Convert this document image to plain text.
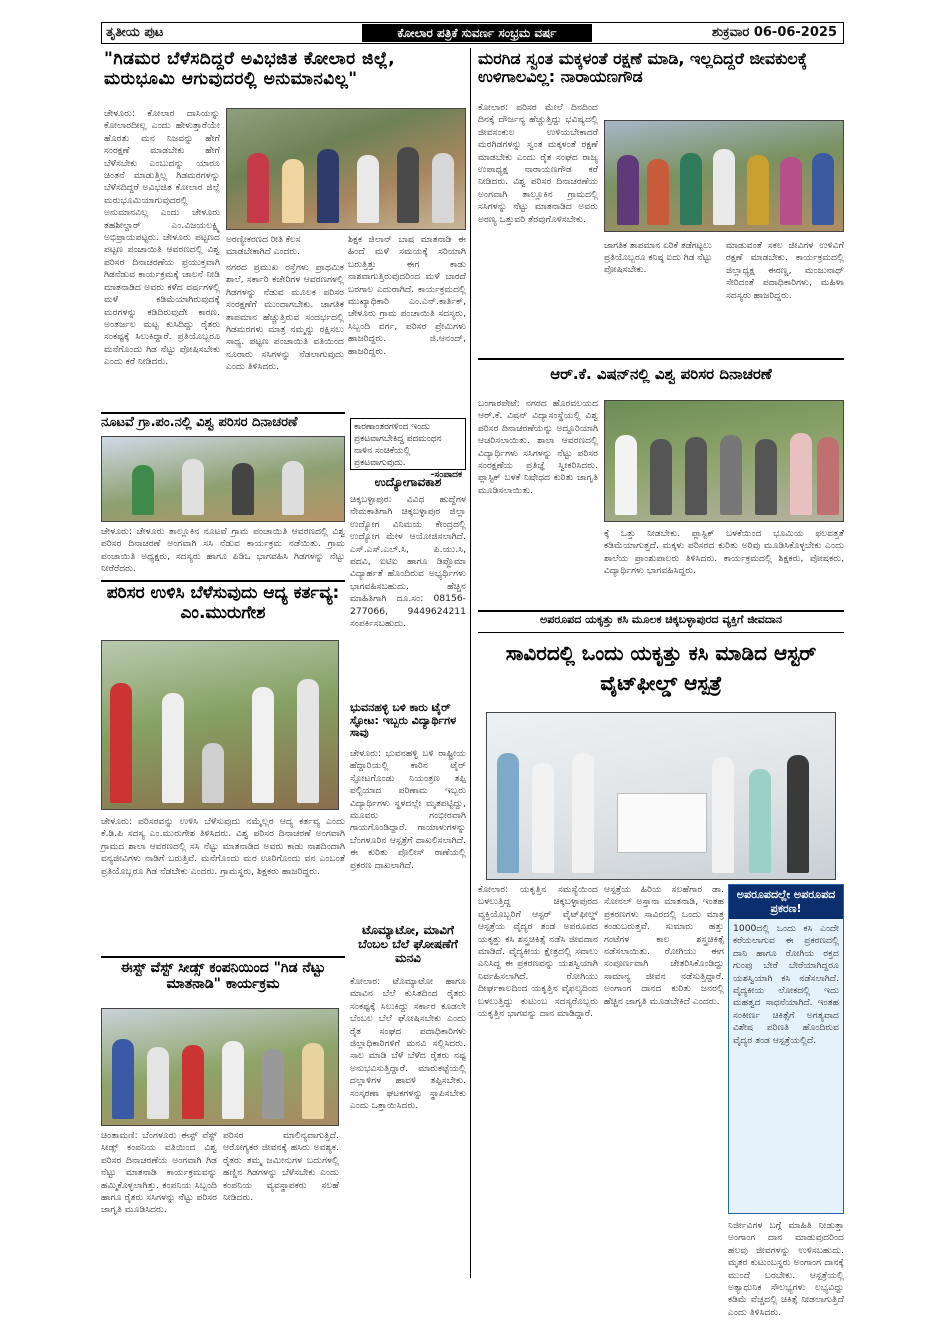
ತೃತೀಯ ಪುಟ	ಕೋಲಾರ ಪತ್ರಿಕೆ ಸುವರ್ಣ ಸಂಭ್ರಮ ವರ್ಷ	ಶುಕ್ರವಾರ 06-06-2025
"ಗಿಡಮರ ಬೆಳೆಸದಿದ್ದರೆ ಅವಿಭಜಿತ ಕೋಲಾರ ಜಿಲ್ಲೆ, ಮರುಭೂಮಿ ಆಗುವುದರಲ್ಲಿ ಅನುಮಾನವಿಲ್ಲ"
ಚೇಳೂರು: ಕೋಲಾರ ದಾಸಿಯನ್ನು ಕೋಲಾರದೀಲ್ಲ ಎಂದು ಹೇಳುತ್ತಾರೆಯೇ ಹೊರತು ಮನ ನಿಜವನ್ನು ಹೇಗೆ ಸಂರಕ್ಷಣೆ ಮಾಡಬೇಕು ಹೇಗೆ ಬೆಳೆಸಬೇಕು ಎಂಬುದನ್ನು ಯಾರೂ ಚಿಂತನೆ ಮಾಡುತ್ತಿಲ್ಲ ಗಿಡಮರಗಳನ್ನು ಬೆಳೆಸದಿದ್ದರೆ ಅವಿಭಜಿತ ಕೋಲಾರ ಜಿಲ್ಲೆ ಮರುಭೂಮಿಯಾಗುವುದರಲ್ಲಿ ಅನುಮಾನವಿಲ್ಲ ಎಂದು ಚೇಳೂರು ತಹಶೀಲ್ದಾರ್ ಎಂ.ವಿಜಯಲಕ್ಷ್ಮಿ ಅಭಿಪ್ರಾಯಪಟ್ಟರು. ಚೇಳೂರು ಪಟ್ಟಣದ ಪಟ್ಟಣ ಪಂಚಾಯಿತಿ ಆವರಣದಲ್ಲಿ ವಿಶ್ವ ಪರಿಸರ ದಿನಾಚರಣೆಯ ಪ್ರಯುಕ್ತವಾಗಿ ಗಿಡನೆಡುವ ಕಾರ್ಯಕ್ರಮಕ್ಕೆ ಚಾಲನೆ ನೀಡಿ ಮಾತನಾಡಿದ ಅವರು ಕಳೆದ ವರ್ಷಗಳಲ್ಲಿ ಮಳೆ ಕಡಿಮೆಯಾಗಿರುವುದಕ್ಕೆ ಮರಗಳನ್ನು ಕಡಿದಿರುವುದೇ ಕಾರಣ. ಅಂತರ್ಜಲ ಮಟ್ಟ ಕುಸಿದಿದ್ದು ರೈತರು ಸಂಕಷ್ಟಕ್ಕೆ ಸಿಲುಕಿದ್ದಾರೆ. ಪ್ರತಿಯೊಬ್ಬರೂ ಮನೆಗೊಂದು ಗಿಡ ನೆಟ್ಟು ಪೋಷಿಸಬೇಕು ಎಂದು ಕರೆ ನೀಡಿದರು.
ಅರಣ್ಯೀಕರಣದ ರೀತಿ ಕೆಲಸ ಮಾಡಬೇಕಾಗಿದೆ ಎಂದರು.
ನಗರದ ಪ್ರಮುಖ ರಸ್ತೆಗಳು ಪ್ರಾಥಮಿಕ ಶಾಲೆ, ಸರ್ಕಾರಿ ಕಚೇರಿಗಳ ಆವರಣಗಳಲ್ಲಿ ಗಿಡಗಳನ್ನು ನೆಡುವ ಮೂಲಕ ಪರಿಸರ ಸಂರಕ್ಷಣೆಗೆ ಮುಂದಾಗಬೇಕು. ಜಾಗತಿಕ ತಾಪಮಾನ ಹೆಚ್ಚುತ್ತಿರುವ ಸಂದರ್ಭದಲ್ಲಿ ಗಿಡಮರಗಳು ಮಾತ್ರ ನಮ್ಮನ್ನು ರಕ್ಷಿಸಲು ಸಾಧ್ಯ. ಪಟ್ಟಣ ಪಂಚಾಯಿತಿ ವತಿಯಿಂದ ನೂರಾರು ಸಸಿಗಳನ್ನು ನೆಡಲಾಗುವುದು ಎಂದು ತಿಳಿಸಿದರು.
ಶಿಕ್ಷಕ ಜಿಲಾನ್ ಬಾಷ ಮಾತನಾಡಿ ಈ ಹಿಂದೆ ಮಳೆ ಸಮಯಕ್ಕೆ ಸರಿಯಾಗಿ ಬರುತ್ತಿತ್ತು ಈಗ ಕಾಡು ನಾಶವಾಗುತ್ತಿರುವುದರಿಂದ ಮಳೆ ಬಾರದೆ ಬರಗಾಲ ಎದುರಾಗಿದೆ. ಕಾರ್ಯಕ್ರಮದಲ್ಲಿ ಮುಖ್ಯಾಧಿಕಾರಿ ಎಂ.ಎನ್.ಕಾರ್ತಿಕ್, ಚೇಳೂರು ಗ್ರಾಮ ಪಂಚಾಯಿತಿ ಸದಸ್ಯರು, ಸಿಬ್ಬಂದಿ ವರ್ಗ, ಪರಿಸರ ಪ್ರೇಮಿಗಳು ಹಾಜರಿದ್ದರು. ಜಿ.ಆನಂದ್, ಹಾಜರಿದ್ದರು.
ಮರಗಿಡ ಸ್ವಂತ ಮಕ್ಕಳಂತೆ ರಕ್ಷಣೆ ಮಾಡಿ, ಇಲ್ಲದಿದ್ದರೆ ಜೀವಕುಲಕ್ಕೆ ಉಳಿಗಾಲವಿಲ್ಲ: ನಾರಾಯಣಗೌಡ
ಕೋಲಾರ: ಪರಿಸರ ಮೇಲೆ ದಿನದಿಂದ ದಿನಕ್ಕೆ ದೌರ್ಜನ್ಯ ಹೆಚ್ಚುತ್ತಿದ್ದು ಭವಿಷ್ಯದಲ್ಲಿ ಜೀವಸಂಕುಲ ಉಳಿಯಬೇಕಾದರೆ ಮರಗಿಡಗಳನ್ನು ಸ್ವಂತ ಮಕ್ಕಳಂತೆ ರಕ್ಷಣೆ ಮಾಡಬೇಕು ಎಂದು ರೈತ ಸಂಘದ ರಾಜ್ಯ ಉಪಾಧ್ಯಕ್ಷ ನಾರಾಯಣಗೌಡ ಕರೆ ನೀಡಿದರು. ವಿಶ್ವ ಪರಿಸರ ದಿನಾಚರಣೆಯ ಅಂಗವಾಗಿ ತಾಲ್ಲೂಕಿನ ಗ್ರಾಮದಲ್ಲಿ ಸಸಿಗಳನ್ನು ನೆಟ್ಟು ಮಾತನಾಡಿದ ಅವರು ಅರಣ್ಯ ಒತ್ತುವರಿ ತೆರವುಗೊಳಿಸಬೇಕು.
ಜಾಗತಿಕ ತಾಪಮಾನ ಏರಿಕೆ ತಡೆಗಟ್ಟಲು ಪ್ರತಿಯೊಬ್ಬರೂ ಕನಿಷ್ಠ ಐದು ಗಿಡ ನೆಟ್ಟು ಪೋಷಿಸಬೇಕು.
ಮಾಡುವಂತೆ ಸಕಲ ಜೀವಿಗಳ ಉಳಿವಿಗೆ ರಕ್ಷಣೆ ಮಾಡಬೇಕು. ಕಾರ್ಯಕ್ರಮದಲ್ಲಿ ಜಿಲ್ಲಾಧ್ಯಕ್ಷ ಈರಣ್ಣ, ಮಂಜುನಾಥ್ ಸೇರಿದಂತೆ ಪದಾಧಿಕಾರಿಗಳು, ಮಹಿಳಾ ಸದಸ್ಯರು ಹಾಜರಿದ್ದರು.
ನೂಟವೆ ಗ್ರಾ.ಪಂ.ನಲ್ಲಿ ವಿಶ್ವ ಪರಿಸರ ದಿನಾಚರಣೆ
ಚೇಳೂರು: ಚೇಳೂರು ತಾಲ್ಲೂಕಿನ ನೂಟವೆ ಗ್ರಾಮ ಪಂಚಾಯಿತಿ ಆವರಣದಲ್ಲಿ ವಿಶ್ವ ಪರಿಸರ ದಿನಾಚರಣೆ ಅಂಗವಾಗಿ ಸಸಿ ನೆಡುವ ಕಾರ್ಯಕ್ರಮ ನಡೆಯಿತು. ಗ್ರಾಮ ಪಂಚಾಯಿತಿ ಅಧ್ಯಕ್ಷರು, ಸದಸ್ಯರು ಹಾಗೂ ಪಿಡಿಒ ಭಾಗವಹಿಸಿ ಗಿಡಗಳನ್ನು ನೆಟ್ಟು ನೀರೆರೆದರು.
ಕಾರಣಾಂತರಗಳಿಂದ ಇಂದು ಪ್ರಕಟವಾಗಬೇಕಿದ್ದ ಪದಮಂಥನ ನಾಳಿನ ಸಂಚಿಕೆಯಲ್ಲಿ ಪ್ರಕಟವಾಗುವುದು.
-ಸಂಪಾದಕ
ಉದ್ಯೋಗಾವಕಾಶ
ಚಿಕ್ಕಬಳ್ಳಾಪುರ: ವಿವಿಧ ಹುದ್ದೆಗಳ ನೇಮಕಾತಿಗಾಗಿ ಚಿಕ್ಕಬಳ್ಳಾಪುರ ಜಿಲ್ಲಾ ಉದ್ಯೋಗ ವಿನಿಮಯ ಕೇಂದ್ರದಲ್ಲಿ ಉದ್ಯೋಗ ಮೇಳ ಆಯೋಜಿಸಲಾಗಿದೆ. ಎಸ್.ಎಸ್.ಎಲ್.ಸಿ, ಪಿ.ಯು.ಸಿ, ಪದವಿ, ಐಟಿಐ ಹಾಗೂ ಡಿಪ್ಲೊಮಾ ವಿದ್ಯಾರ್ಹತೆ ಹೊಂದಿರುವ ಅಭ್ಯರ್ಥಿಗಳು ಭಾಗವಹಿಸಬಹುದು. ಹೆಚ್ಚಿನ ಮಾಹಿತಿಗಾಗಿ ದೂ.ಸಂ: 08156-277066, 9449624211 ಸಂಪರ್ಕಿಸಬಹುದು.
ಭುವನಹಳ್ಳಿ ಬಳಿ ಕಾರು ಟೈರ್ ಸ್ಫೋಟ: ಇಬ್ಬರು ವಿದ್ಯಾರ್ಥಿಗಳ ಸಾವು
ಚೇಳೂರು: ಭುವನಹಳ್ಳಿ ಬಳಿ ರಾಷ್ಟ್ರೀಯ ಹೆದ್ದಾರಿಯಲ್ಲಿ ಕಾರಿನ ಟೈರ್ ಸ್ಫೋಟಗೊಂಡು ನಿಯಂತ್ರಣ ತಪ್ಪಿ ಪಲ್ಟಿಯಾದ ಪರಿಣಾಮ ಇಬ್ಬರು ವಿದ್ಯಾರ್ಥಿಗಳು ಸ್ಥಳದಲ್ಲೇ ಮೃತಪಟ್ಟಿದ್ದು, ಮೂವರು ಗಂಭೀರವಾಗಿ ಗಾಯಗೊಂಡಿದ್ದಾರೆ. ಗಾಯಾಳುಗಳನ್ನು ಬೆಂಗಳೂರಿನ ಆಸ್ಪತ್ರೆಗೆ ದಾಖಲಿಸಲಾಗಿದೆ. ಈ ಕುರಿತು ಪೊಲೀಸ್ ಠಾಣೆಯಲ್ಲಿ ಪ್ರಕರಣ ದಾಖಲಾಗಿದೆ.
ಆರ್.ಕೆ. ವಿಷನ್‌ನಲ್ಲಿ ವಿಶ್ವ ಪರಿಸರ ದಿನಾಚರಣೆ
ಬಂಗಾರಪೇಟೆ: ನಗರದ ಹೊರವಲಯದ ಆರ್.ಕೆ. ವಿಷನ್ ವಿದ್ಯಾಸಂಸ್ಥೆಯಲ್ಲಿ ವಿಶ್ವ ಪರಿಸರ ದಿನಾಚರಣೆಯನ್ನು ಅದ್ದೂರಿಯಾಗಿ ಆಚರಿಸಲಾಯಿತು. ಶಾಲಾ ಆವರಣದಲ್ಲಿ ವಿದ್ಯಾರ್ಥಿಗಳು ಸಸಿಗಳನ್ನು ನೆಟ್ಟು ಪರಿಸರ ಸಂರಕ್ಷಣೆಯ ಪ್ರತಿಜ್ಞೆ ಸ್ವೀಕರಿಸಿದರು. ಪ್ಲಾಸ್ಟಿಕ್ ಬಳಕೆ ನಿಷೇಧದ ಕುರಿತು ಜಾಗೃತಿ ಮೂಡಿಸಲಾಯಿತು.
ಕ್ಕೆ ಒತ್ತು ನೀಡಬೇಕು. ಪ್ಲಾಸ್ಟಿಕ್ ಬಳಕೆಯಿಂದ ಭೂಮಿಯ ಫಲವತ್ತತೆ ಕಡಿಮೆಯಾಗುತ್ತದೆ. ಮಕ್ಕಳು ಪರಿಸರದ ಕುರಿತು ಅರಿವು ಮೂಡಿಸಿಕೊಳ್ಳಬೇಕು ಎಂದು ಶಾಲೆಯ ಪ್ರಾಂಶುಪಾಲರು ತಿಳಿಸಿದರು. ಕಾರ್ಯಕ್ರಮದಲ್ಲಿ ಶಿಕ್ಷಕರು, ಪೋಷಕರು, ವಿದ್ಯಾರ್ಥಿಗಳು ಭಾಗವಹಿಸಿದ್ದರು.
ಪರಿಸರ ಉಳಿಸಿ ಬೆಳೆಸುವುದು ಆದ್ಯ ಕರ್ತವ್ಯ: ಎಂ.ಮುರುಗೇಶ
ಚೇಳೂರು: ಪರಿಸರವನ್ನು ಉಳಿಸಿ ಬೆಳೆಸುವುದು ನಮ್ಮೆಲ್ಲರ ಆದ್ಯ ಕರ್ತವ್ಯ ಎಂದು ಕೆ.ಡಿ.ಪಿ ಸದಸ್ಯ ಎಂ.ಮುರುಗೇಶ ತಿಳಿಸಿದರು. ವಿಶ್ವ ಪರಿಸರ ದಿನಾಚರಣೆ ಅಂಗವಾಗಿ ಗ್ರಾಮದ ಶಾಲಾ ಆವರಣದಲ್ಲಿ ಸಸಿ ನೆಟ್ಟು ಮಾತನಾಡಿದ ಅವರು ಕಾಡು ನಾಶದಿಂದಾಗಿ ವನ್ಯಜೀವಿಗಳು ನಾಡಿಗೆ ಬರುತ್ತಿವೆ. ಮನೆಗೊಂದು ಮರ ಊರಿಗೊಂದು ವನ ಎಂಬಂತೆ ಪ್ರತಿಯೊಬ್ಬರೂ ಗಿಡ ನೆಡಬೇಕು ಎಂದರು. ಗ್ರಾಮಸ್ಥರು, ಶಿಕ್ಷಕರು ಹಾಜರಿದ್ದರು.
ಈಸ್ಟ್ ವೆಸ್ಟ್ ಸೀಡ್ಸ್ ಕಂಪನಿಯಿಂದ "ಗಿಡ ನೆಟ್ಟು ಮಾತನಾಡಿ" ಕಾರ್ಯಕ್ರಮ
ಚಿಂತಾಮಣಿ: ಬೆಂಗಳೂರು ಈಸ್ಟ್ ವೆಸ್ಟ್ ಸೀಡ್ಸ್ ಕಂಪನಿಯ ವತಿಯಿಂದ ವಿಶ್ವ ಪರಿಸರ ದಿನಾಚರಣೆಯ ಅಂಗವಾಗಿ ಗಿಡ ನೆಟ್ಟು ಮಾತನಾಡಿ ಕಾರ್ಯಕ್ರಮವನ್ನು ಹಮ್ಮಿಕೊಳ್ಳಲಾಗಿತ್ತು. ಕಂಪನಿಯ ಸಿಬ್ಬಂದಿ ಹಾಗೂ ರೈತರು ಸಸಿಗಳನ್ನು ನೆಟ್ಟು ಪರಿಸರ ಜಾಗೃತಿ ಮೂಡಿಸಿದರು.
ಪರಿಸರ ಮಾಲಿನ್ಯವಾಗುತ್ತಿದೆ. ಆರೋಗ್ಯಕರ ಜೀವನಕ್ಕೆ ಹಸಿರು ಅವಶ್ಯಕ. ರೈತರು ತಮ್ಮ ಜಮೀನುಗಳ ಬದುಗಳಲ್ಲಿ ಹಣ್ಣಿನ ಗಿಡಗಳನ್ನು ಬೆಳೆಸಬೇಕು ಎಂದು ಕಂಪನಿಯ ವ್ಯವಸ್ಥಾಪಕರು ಸಲಹೆ ನೀಡಿದರು.
ಟೊಮ್ಯಾಟೋ, ಮಾವಿಗೆ ಬೆಂಬಲ ಬೆಲೆ ಘೋಷಣೆಗೆ ಮನವಿ
ಕೋಲಾರ: ಟೊಮ್ಯಾಟೋ ಹಾಗೂ ಮಾವಿನ ಬೆಲೆ ಕುಸಿತದಿಂದ ರೈತರು ಸಂಕಷ್ಟಕ್ಕೆ ಸಿಲುಕಿದ್ದು ಸರ್ಕಾರ ಕೂಡಲೇ ಬೆಂಬಲ ಬೆಲೆ ಘೋಷಿಸಬೇಕು ಎಂದು ರೈತ ಸಂಘದ ಪದಾಧಿಕಾರಿಗಳು ಜಿಲ್ಲಾಧಿಕಾರಿಗಳಿಗೆ ಮನವಿ ಸಲ್ಲಿಸಿದರು. ಸಾಲ ಮಾಡಿ ಬೆಳೆ ಬೆಳೆದ ರೈತರು ನಷ್ಟ ಅನುಭವಿಸುತ್ತಿದ್ದಾರೆ. ಮಾರುಕಟ್ಟೆಯಲ್ಲಿ ದಲ್ಲಾಳಿಗಳ ಹಾವಳಿ ತಪ್ಪಿಸಬೇಕು. ಸಂಸ್ಕರಣಾ ಘಟಕಗಳನ್ನು ಸ್ಥಾಪಿಸಬೇಕು ಎಂದು ಒತ್ತಾಯಿಸಿದರು.
ಅಪರೂಪದ ಯಕೃತ್ತು ಕಸಿ ಮೂಲಕ ಚಿಕ್ಕಬಳ್ಳಾಪುರದ ವ್ಯಕ್ತಿಗೆ ಜೀವದಾನ
ಸಾವಿರದಲ್ಲಿ ಒಂದು ಯಕೃತ್ತು ಕಸಿ ಮಾಡಿದ ಆಸ್ಟರ್ ವೈಟ್‌ಫೀಲ್ಡ್ ಆಸ್ಪತ್ರೆ
ಕೋಲಾರ: ಯಕೃತ್ತಿನ ಸಮಸ್ಯೆಯಿಂದ ಬಳಲುತ್ತಿದ್ದ ಚಿಕ್ಕಬಳ್ಳಾಪುರದ ವ್ಯಕ್ತಿಯೊಬ್ಬರಿಗೆ ಆಸ್ಟರ್ ವೈಟ್‌ಫೀಲ್ಡ್ ಆಸ್ಪತ್ರೆಯ ವೈದ್ಯರ ತಂಡ ಅಪರೂಪದ ಯಕೃತ್ತು ಕಸಿ ಶಸ್ತ್ರಚಿಕಿತ್ಸೆ ನಡೆಸಿ ಜೀವದಾನ ಮಾಡಿದೆ. ವೈದ್ಯಕೀಯ ಕ್ಷೇತ್ರದಲ್ಲಿ ಸವಾಲು ಎನಿಸಿದ್ದ ಈ ಪ್ರಕರಣವನ್ನು ಯಶಸ್ವಿಯಾಗಿ ನಿರ್ವಹಿಸಲಾಗಿದೆ. ರೋಗಿಯು ದೀರ್ಘಕಾಲದಿಂದ ಯಕೃತ್ತಿನ ವೈಫಲ್ಯದಿಂದ ಬಳಲುತ್ತಿದ್ದು ಕುಟುಂಬ ಸದಸ್ಯರೊಬ್ಬರು ಯಕೃತ್ತಿನ ಭಾಗವನ್ನು ದಾನ ಮಾಡಿದ್ದಾರೆ.
ಆಸ್ಪತ್ರೆಯ ಹಿರಿಯ ಸಲಹೆಗಾರ ಡಾ. ಸೋನಲ್ ಅಸ್ತಾನಾ ಮಾತನಾಡಿ, ಇಂತಹ ಪ್ರಕರಣಗಳು ಸಾವಿರದಲ್ಲಿ ಒಂದು ಮಾತ್ರ ಕಂಡುಬರುತ್ತವೆ. ಸುಮಾರು ಹತ್ತು ಗಂಟೆಗಳ ಕಾಲ ಶಸ್ತ್ರಚಿಕಿತ್ಸೆ ನಡೆಸಲಾಯಿತು. ರೋಗಿಯು ಈಗ ಸಂಪೂರ್ಣವಾಗಿ ಚೇತರಿಸಿಕೊಂಡಿದ್ದು ಸಾಮಾನ್ಯ ಜೀವನ ನಡೆಸುತ್ತಿದ್ದಾರೆ. ಅಂಗಾಂಗ ದಾನದ ಕುರಿತು ಜನರಲ್ಲಿ ಹೆಚ್ಚಿನ ಜಾಗೃತಿ ಮೂಡಬೇಕಿದೆ ಎಂದರು.
ಅಪರೂಪದಲ್ಲೇ ಅಪರೂಪದ ಪ್ರಕರಣ!
1000ದಲ್ಲಿ ಒಂದು ಕಸಿ ಎಂದೇ ಕರೆಯಲಾಗುವ ಈ ಪ್ರಕರಣದಲ್ಲಿ ದಾನಿ ಹಾಗೂ ರೋಗಿಯ ರಕ್ತದ ಗುಂಪು ಬೇರೆ ಬೇರೆಯಾಗಿದ್ದರೂ ಯಶಸ್ವಿಯಾಗಿ ಕಸಿ ನಡೆಸಲಾಗಿದೆ. ವೈದ್ಯಕೀಯ ಲೋಕದಲ್ಲಿ ಇದು ಮಹತ್ವದ ಸಾಧನೆಯಾಗಿದೆ. ಇಂತಹ ಸಂಕೀರ್ಣ ಚಿಕಿತ್ಸೆಗೆ ಅಗತ್ಯವಾದ ವಿಶೇಷ ಪರಿಣತಿ ಹೊಂದಿರುವ ವೈದ್ಯರ ತಂಡ ಆಸ್ಪತ್ರೆಯಲ್ಲಿದೆ.
ನಿರ್ಜೀವಿಗಳ ಬಗ್ಗೆ ಮಾಹಿತಿ ನೀಡುತ್ತಾ ಅಂಗಾಂಗ ದಾನ ಮಾಡುವುದರಿಂದ ಹಲವು ಜೀವಗಳನ್ನು ಉಳಿಸಬಹುದು. ಮೃತರ ಕುಟುಂಬಸ್ಥರು ಅಂಗಾಂಗ ದಾನಕ್ಕೆ ಮುಂದೆ ಬರಬೇಕು. ಆಸ್ಪತ್ರೆಯಲ್ಲಿ ಅತ್ಯಾಧುನಿಕ ಸೌಲಭ್ಯಗಳು ಲಭ್ಯವಿದ್ದು ಕಡಿಮೆ ವೆಚ್ಚದಲ್ಲಿ ಚಿಕಿತ್ಸೆ ನೀಡಲಾಗುತ್ತಿದೆ ಎಂದು ತಿಳಿಸಿದರು.
